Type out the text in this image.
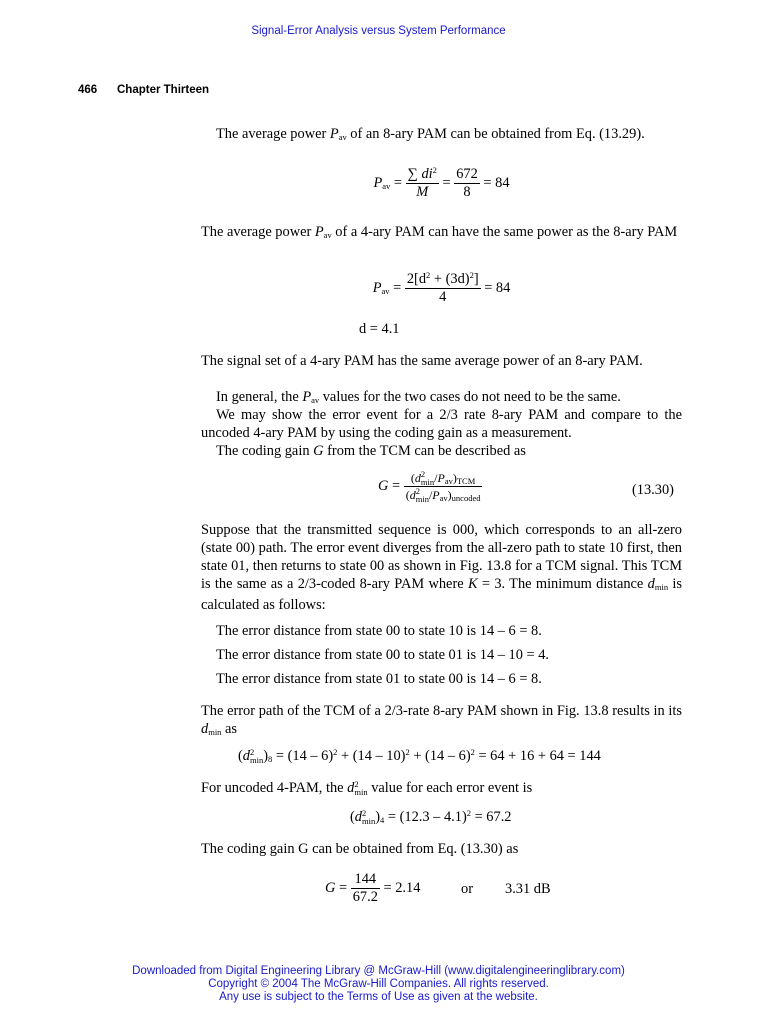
Signal-Error Analysis versus System Performance
466 Chapter Thirteen
The average power $P_{av}$ of an 8-ary PAM can be obtained from Eq. (13.29).
$P_{av} = \frac{\sum di^2}{M} = \frac{672}{8} = 84$
The average power $P_{av}$ of a 4-ary PAM can have the same power as the 8-ary PAM
$P_{av} = \frac{2[d^2 + (3d)^2]}{4} = 84$
d = 4.1
The signal set of a 4-ary PAM has the same average power of an 8-ary PAM.
In general, the $P_{av}$ values for the two cases do not need to be the same.
We may show the error event for a 2/3 rate 8-ary PAM and compare to the uncoded 4-ary PAM by using the coding gain as a measurement.
The coding gain G from the TCM can be described as
G = (d 2
$\min /P_{av})_{TCM}$
(d 2
$\min /P_{av})_{uncoded}$	(13.30)
Suppose that the transmitted sequence is 000, which corresponds to an all-zero (state 00) path. The error event diverges from the all-zero path to state 10 first, then state 01, then returns to state 00 as shown in Fig. 13.8 for a TCM signal. This TCM is the same as a 2/3-coded 8-ary PAM where K = 3. The minimum distance $d_{min}$ is calculated as follows:
The error distance from state 00 to state 10 is 14 – 6 = 8.
The error distance from state 00 to state 01 is 14 – 10 = 4.
The error distance from state 01 to state 00 is 14 – 6 = 8.
The error path of the TCM of a 2/3-rate 8-ary PAM shown in Fig. 13.8 results in its $d_{min}$ as
(d 2
$\min )_8 = (14 - 6)^2 + (14 - 10)^2 + (14 - 6)^2 = 64 + 16 + 64 = 144$
For uncoded 4-PAM, the d 2
min value for each error event is
(d 2
$\min )_4 = (12.3 - 4.1)^2 = 67.2$
The coding gain G can be obtained from Eq. (13.30) as
$G = \frac{144}{67.2} = 2.14$	or 3.31 dB
Downloaded from Digital Engineering Library @ McGraw-Hill (www.digitalengineeringlibrary.com)
Copyright © 2004 The McGraw-Hill Companies. All rights reserved.
Any use is subject to the Terms of Use as given at the website.
